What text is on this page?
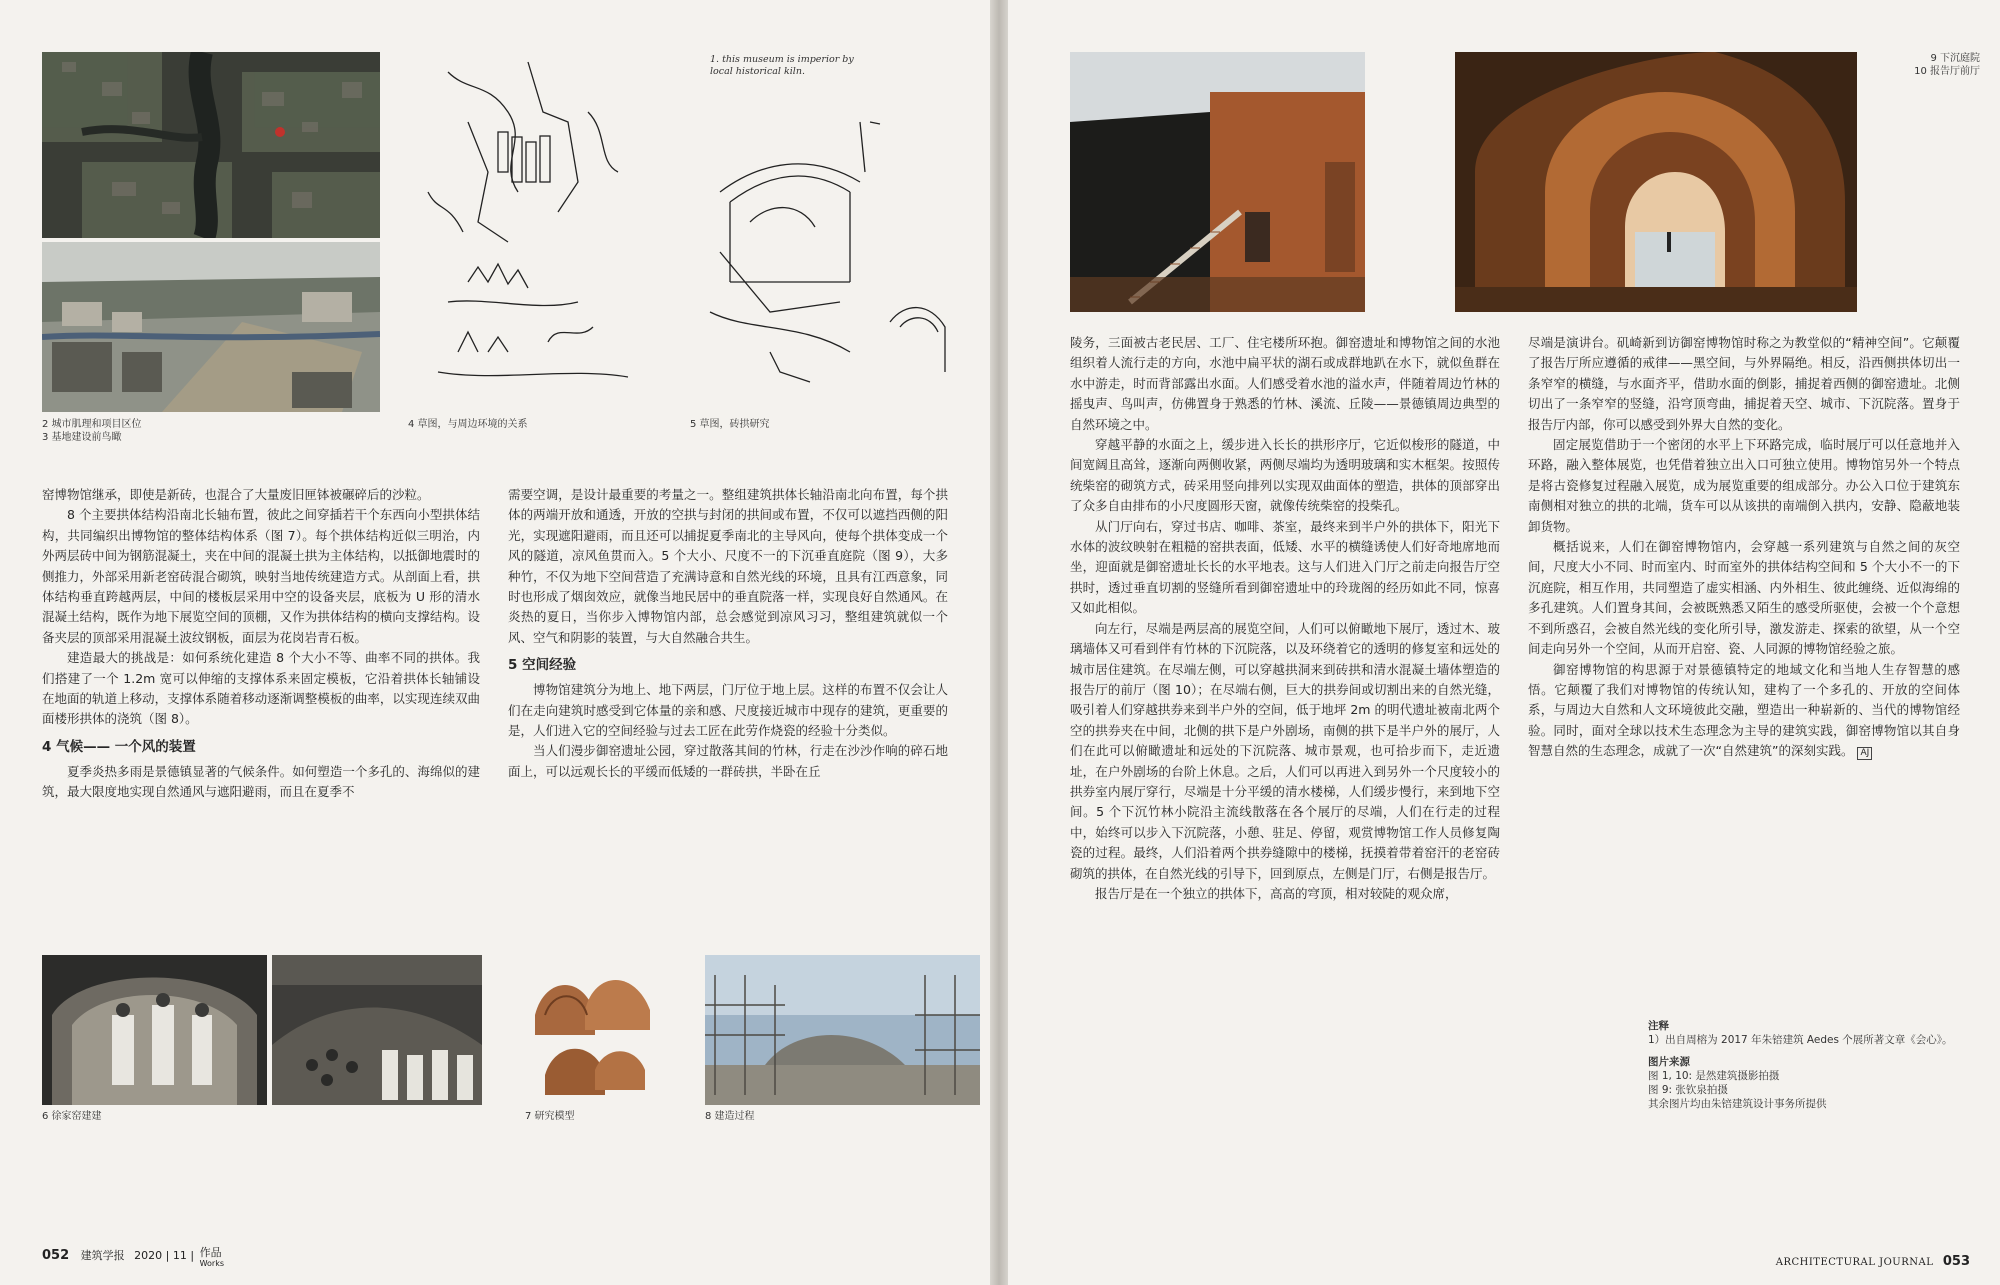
2 城市肌理和项目区位
3 基地建设前鸟瞰
4 草图，与周边环境的关系
1. this museum is imperior by
local historical kiln.
5 草图，砖拱研究

窑博物馆继承，即使是新砖，也混合了大量废旧匣钵被碾碎后的沙粒。

8 个主要拱体结构沿南北长轴布置，彼此之间穿插若干个东西向小型拱体结构，共同编织出博物馆的整体结构体系（图 7）。每个拱体结构近似三明治，内外两层砖中间为钢筋混凝土，夹在中间的混凝土拱为主体结构，以抵御地震时的侧推力，外部采用新老窑砖混合砌筑，映射当地传统建造方式。从剖面上看，拱体结构垂直跨越两层，中间的楼板层采用中空的设备夹层，底板为 U 形的清水混凝土结构，既作为地下展览空间的顶棚，又作为拱体结构的横向支撑结构。设备夹层的顶部采用混凝土波纹钢板，面层为花岗岩青石板。

建造最大的挑战是：如何系统化建造 8 个大小不等、曲率不同的拱体。我们搭建了一个 1.2m 宽可以伸缩的支撑体系来固定模板，它沿着拱体长轴铺设在地面的轨道上移动，支撑体系随着移动逐渐调整模板的曲率，以实现连续双曲面楼形拱体的浇筑（图 8）。

4 气候—— 一个风的装置

夏季炎热多雨是景德镇显著的气候条件。如何塑造一个多孔的、海绵似的建筑，最大限度地实现自然通风与遮阳避雨，而且在夏季不

需要空调，是设计最重要的考量之一。整组建筑拱体长轴沿南北向布置，每个拱体的两端开放和通透，开放的空拱与封闭的拱间或布置，不仅可以遮挡西侧的阳光，实现遮阳避雨，而且还可以捕捉夏季南北的主导风向，使每个拱体变成一个风的隧道，凉风鱼贯而入。5 个大小、尺度不一的下沉垂直庭院（图 9），大多种竹，不仅为地下空间营造了充满诗意和自然光线的环境，且具有江西意象，同时也形成了烟囱效应，就像当地民居中的垂直院落一样，实现良好自然通风。在炎热的夏日，当你步入博物馆内部，总会感觉到凉风习习，整组建筑就似一个风、空气和阴影的装置，与大自然融合共生。

5 空间经验

博物馆建筑分为地上、地下两层，门厅位于地上层。这样的布置不仅会让人们在走向建筑时感受到它体量的亲和感、尺度接近城市中现存的建筑，更重要的是，人们进入它的空间经验与过去工匠在此劳作烧瓷的经验十分类似。

当人们漫步御窑遗址公园，穿过散落其间的竹林，行走在沙沙作响的碎石地面上，可以远观长长的平缓而低矮的一群砖拱，半卧在丘

6 徐家窑建建	7 研究模型	8 建造过程
052 建筑学报 2020 | 11 | 作品
Works
9 下沉庭院
10 报告厅前厅

陵务，三面被古老民居、工厂、住宅楼所环抱。御窑遗址和博物馆之间的水池组织着人流行走的方向，水池中扁平状的湖石或成群地趴在水下，就似鱼群在水中游走，时而背部露出水面。人们感受着水池的溢水声，伴随着周边竹林的摇曳声、鸟叫声，仿佛置身于熟悉的竹林、溪流、丘陵——景德镇周边典型的自然环境之中。

穿越平静的水面之上，缓步进入长长的拱形序厅，它近似梭形的隧道，中间宽阔且高耸，逐渐向两侧收紧，两侧尽端均为透明玻璃和实木框架。按照传统柴窑的砌筑方式，砖采用竖向排列以实现双曲面体的塑造，拱体的顶部穿出了众多自由排布的小尺度圆形天窗，就像传统柴窑的投柴孔。

从门厅向右，穿过书店、咖啡、茶室，最终来到半户外的拱体下，阳光下水体的波纹映射在粗糙的窑拱表面，低矮、水平的横缝诱使人们好奇地席地而坐，迎面就是御窑遗址长长的水平地表。这与人们进入门厅之前走向报告厅空拱时，透过垂直切割的竖缝所看到御窑遗址中的玲珑阁的经历如此不同，惊喜又如此相似。

向左行，尽端是两层高的展览空间，人们可以俯瞰地下展厅，透过木、玻璃墙体又可看到伴有竹林的下沉院落，以及环绕着它的透明的修复室和远处的城市居住建筑。在尽端左侧，可以穿越拱洞来到砖拱和清水混凝土墙体塑造的报告厅的前厅（图 10）；在尽端右侧，巨大的拱券间或切割出来的自然光缝，吸引着人们穿越拱券来到半户外的空间，低于地坪 2m 的明代遗址被南北两个空的拱券夹在中间，北侧的拱下是户外剧场，南侧的拱下是半户外的展厅，人们在此可以俯瞰遗址和远处的下沉院落、城市景观，也可拾步而下，走近遗址，在户外剧场的台阶上休息。之后，人们可以再进入到另外一个尺度较小的拱券室内展厅穿行，尽端是十分平缓的清水楼梯，人们缓步慢行，来到地下空间。5 个下沉竹林小院沿主流线散落在各个展厅的尽端，人们在行走的过程中，始终可以步入下沉院落，小憩、驻足、停留，观赏博物馆工作人员修复陶瓷的过程。最终，人们沿着两个拱券缝隙中的楼梯，抚摸着带着窑汗的老窑砖砌筑的拱体，在自然光线的引导下，回到原点，左侧是门厅，右侧是报告厅。

报告厅是在一个独立的拱体下，高高的穹顶，相对较陡的观众席，

尽端是演讲台。矶崎新到访御窑博物馆时称之为教堂似的“精神空间”。它颠覆了报告厅所应遵循的戒律——黑空间，与外界隔绝。相反，沿西侧拱体切出一条窄窄的横缝，与水面齐平，借助水面的倒影，捕捉着西侧的御窑遗址。北侧切出了一条窄窄的竖缝，沿穹顶弯曲，捕捉着天空、城市、下沉院落。置身于报告厅内部，你可以感受到外界大自然的变化。

固定展览借助于一个密闭的水平上下环路完成，临时展厅可以任意地并入环路，融入整体展览，也凭借着独立出入口可独立使用。博物馆另外一个特点是将古瓷修复过程融入展览，成为展览重要的组成部分。办公入口位于建筑东南侧相对独立的拱的北端，货车可以从该拱的南端倒入拱内，安静、隐蔽地装卸货物。

概括说来，人们在御窑博物馆内，会穿越一系列建筑与自然之间的灰空间，尺度大小不同、时而室内、时而室外的拱体结构空间和 5 个大小不一的下沉庭院，相互作用，共同塑造了虚实相涵、内外相生、彼此缠绕、近似海绵的多孔建筑。人们置身其间，会被既熟悉又陌生的感受所驱使，会被一个个意想不到所惑召，会被自然光线的变化所引导，激发游走、探索的欲望，从一个空间走向另外一个空间，从而开启窑、瓷、人同源的博物馆经验之旅。

御窑博物馆的构思源于对景德镇特定的地域文化和当地人生存智慧的感悟。它颠覆了我们对博物馆的传统认知，建构了一个多孔的、开放的空间体系，与周边大自然和人文环境彼此交融，塑造出一种崭新的、当代的博物馆经验。同时，面对全球以技术生态理念为主导的建筑实践，御窑博物馆以其自身智慧自然的生态理念，成就了一次“自然建筑”的深刻实践。 AJ

注释
1）出自周榕为 2017 年朱锫建筑 Aedes 个展所著文章《会心》。
图片来源
图 1, 10: 是然建筑摄影拍摄
图 9: 张钦泉拍摄
其余图片均由朱锫建筑设计事务所提供
ARCHITECTURAL JOURNAL 053
